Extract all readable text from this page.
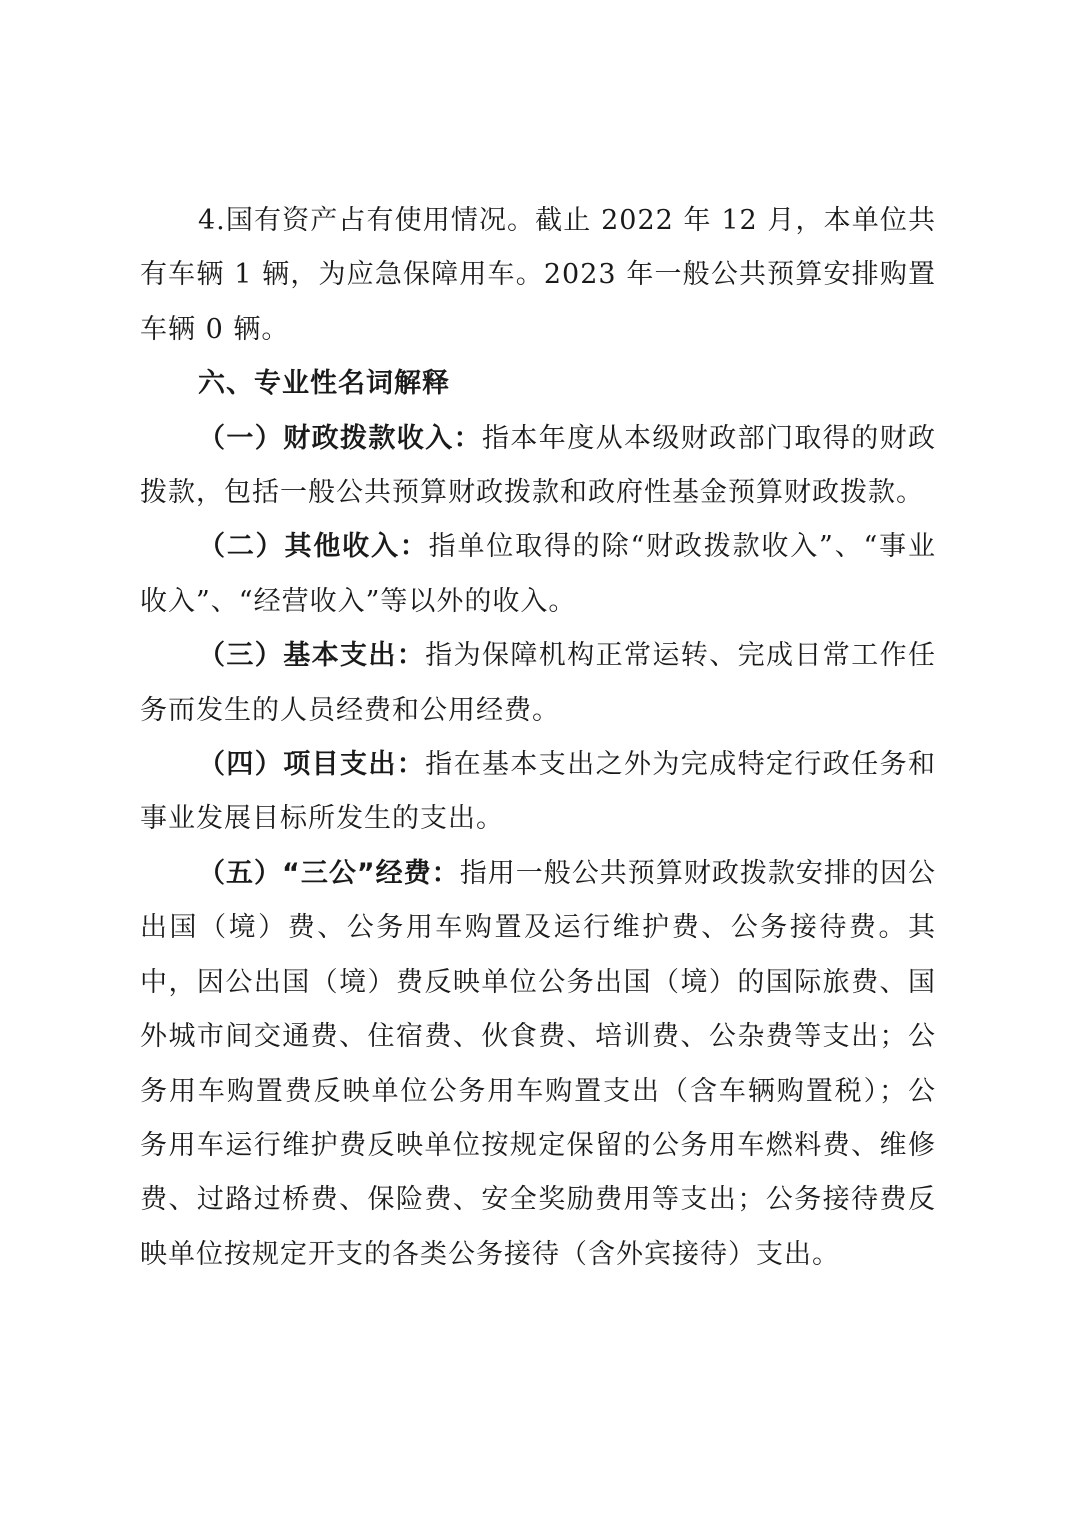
4.国有资产占有使用情况。截止 2022 年 12 月，本单位共有车辆 1 辆，为应急保障用车。2023 年一般公共预算安排购置车辆 0 辆。

六、专业性名词解释

（一）财政拨款收入：指本年度从本级财政部门取得的财政拨款，包括一般公共预算财政拨款和政府性基金预算财政拨款。

（二）其他收入：指单位取得的除“财政拨款收入”、“事业收入”、“经营收入”等以外的收入。

（三）基本支出：指为保障机构正常运转、完成日常工作任务而发生的人员经费和公用经费。

（四）项目支出：指在基本支出之外为完成特定行政任务和事业发展目标所发生的支出。

（五）“三公”经费：指用一般公共预算财政拨款安排的因公出国（境）费、公务用车购置及运行维护费、公务接待费。其中，因公出国（境）费反映单位公务出国（境）的国际旅费、国外城市间交通费、住宿费、伙食费、培训费、公杂费等支出；公务用车购置费反映单位公务用车购置支出（含车辆购置税）；公务用车运行维护费反映单位按规定保留的公务用车燃料费、维修费、过路过桥费、保险费、安全奖励费用等支出；公务接待费反映单位按规定开支的各类公务接待（含外宾接待）支出。
